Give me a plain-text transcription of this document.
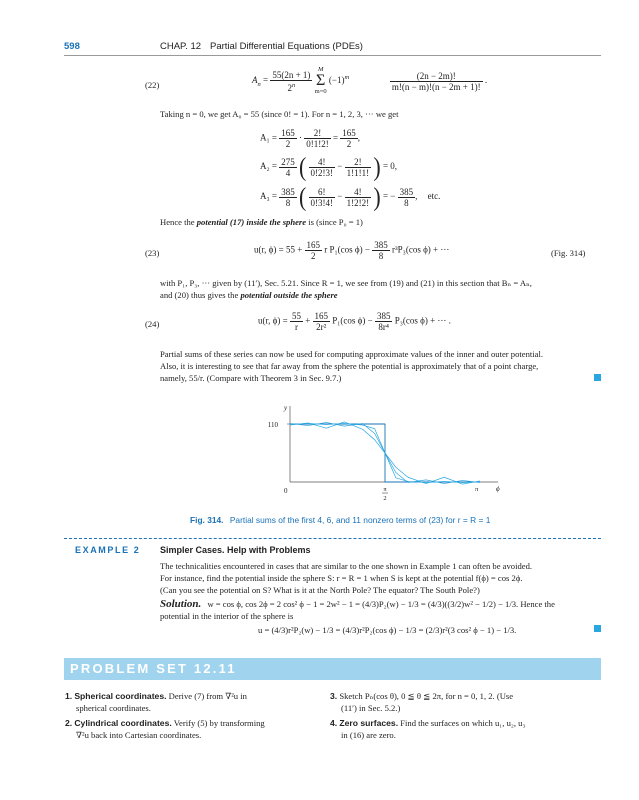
598	CHAP. 12 Partial Differential Equations (PDEs)
(22)	$A_n = \frac{55(2n + 1)}{2^n}$
M
Σ
m=0
$(-1)^m$

	$\frac{(2n - 2m)!}{m!(n - m)!(n - 2m + 1)!}$ .
Taking n = 0, we get A₀ = 55 (since 0! = 1). For n = 1, 2, 3, ··· we get
$A_1 = \frac{165}{2} \cdot \frac{2!}{0!1!2!} = \frac{165}{2}$ ,
$A_2 = \frac{275}{4}$ ( $\frac{4!}{0!2!3!} - \frac{2!}{1!1!1!}$ ) = 0,
$A_3 = \frac{385}{8}$ ( $\frac{6!}{0!3!4!} - \frac{4!}{1!2!2!}$ ) = − $\frac{385}{8}$ , etc.
Hence the potential (17) inside the sphere is (since P₀ = 1)
(23)	u(r, $\phi) = 55 + \frac{165}{2}$ r P₁(cos $\phi) - \frac{385}{8} r^3P_3(\cos$ ϕ) + ···	(Fig. 314)
with P₁, P₃, ··· given by (11′), Sec. 5.21. Since R = 1, we see from (19) and (21) in this section that Bₙ = Aₙ,
and (20) thus gives the potential outside the sphere
(24)	u(r, $\phi) = \frac{55}{r} + \frac{165}{\text{2r²}} P_1(\cos$ $\phi) - \frac{385}{\text{8r⁴}} P_3(\cos$ ϕ) + ··· .
Partial sums of these series can now be used for computing approximate values of the inner and outer potential.
Also, it is interesting to see that far away from the sphere the potential is approximately that of a point charge,
namely, 55/r. (Compare with Theorem 3 in Sec. 9.7.)
y
ϕ
110
0	π
2
π
Fig. 314. Partial sums of the first 4, 6, and 11 nonzero terms of (23) for r = R = 1
EXAMPLE 2 Simpler Cases. Help with Problems
The technicalities encountered in cases that are similar to the one shown in Example 1 can often be avoided.
For instance, find the potential inside the sphere S: r = R = 1 when S is kept at the potential f(ϕ) = cos 2ϕ.
(Can you see the potential on S? What is it at the North Pole? The equator? The South Pole?)
Solution. w = cos ϕ, cos 2ϕ = 2 cos² ϕ − 1 = 2w² − 1 = (4/3)P₂(w) − 1/3 = (4/3)((3/2)w² − 1/2) − 1/3. Hence the
potential in the interior of the sphere is
u = (4/3)r²P₂(w) − 1/3 = (4/3)r²P₂(cos ϕ) − 1/3 = (2/3)r²(3 cos² ϕ − 1) − 1/3.
PROBLEM SET 12.11
1. Spherical coordinates. Derive (7) from ∇²u in
spherical coordinates.
2. Cylindrical coordinates. Verify (5) by transforming
∇²u back into Cartesian coordinates.
3. Sketch Pₙ(cos θ), 0 ≦ θ ≦ 2π, for n = 0, 1, 2. (Use
(11′) in Sec. 5.2.)
4. Zero surfaces. Find the surfaces on which u₁, u₂, u₃
in (16) are zero.
